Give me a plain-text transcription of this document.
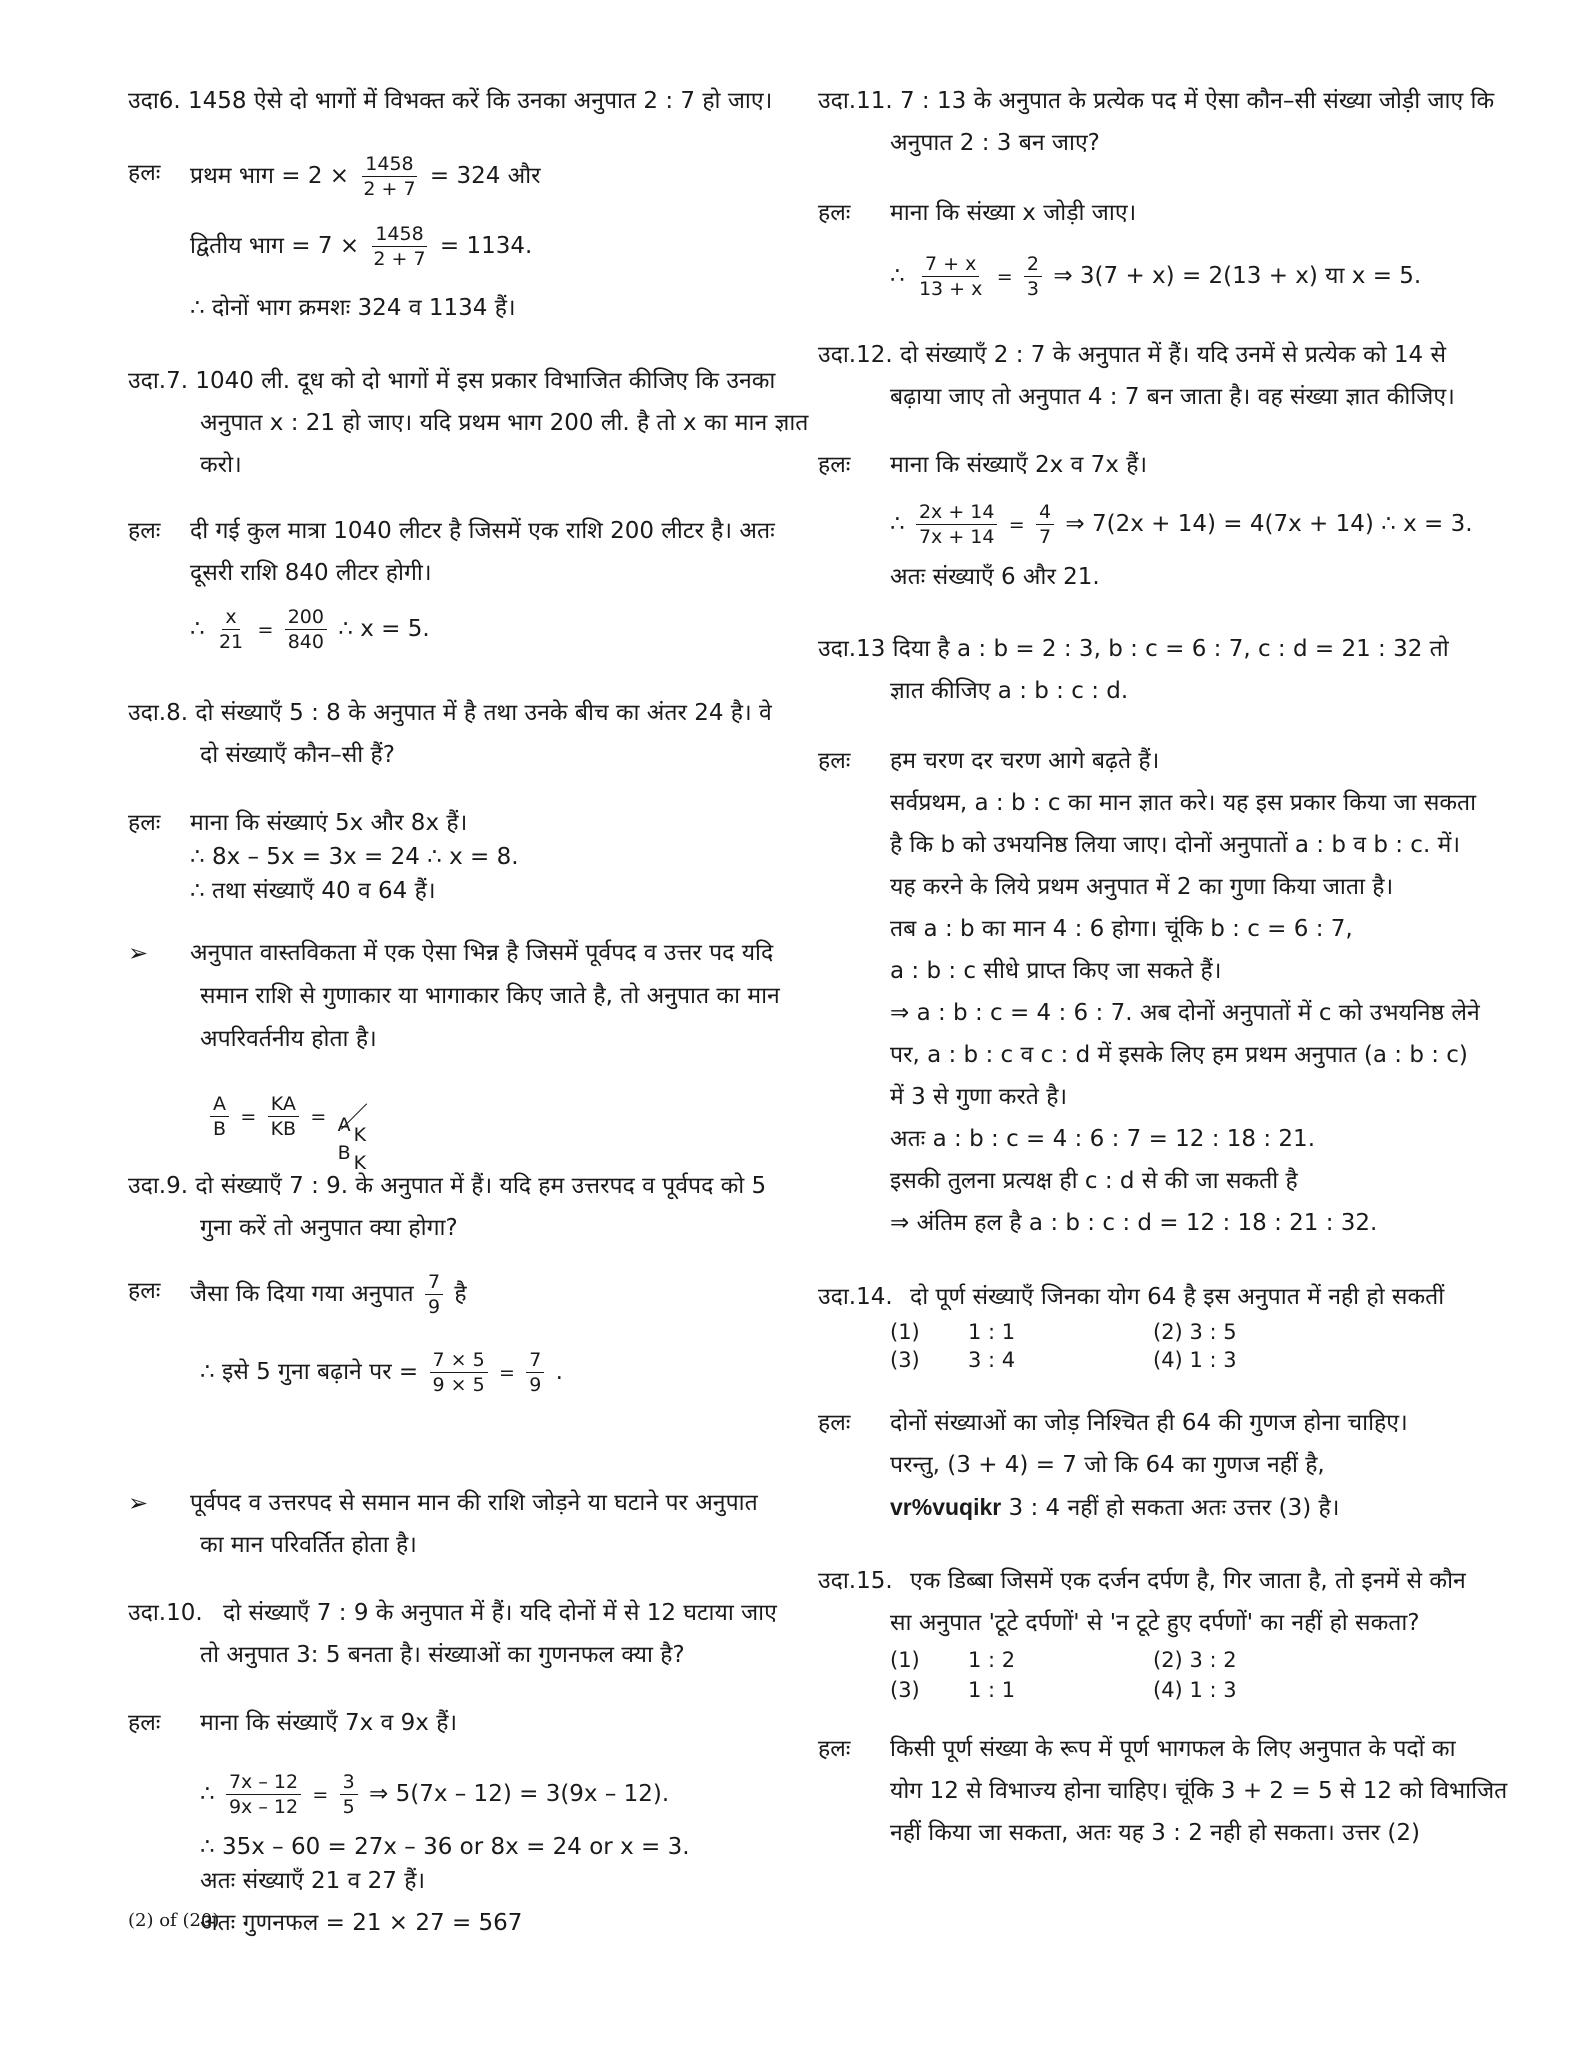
उदा6. 1458 ऐसे दो भागों में विभक्त करें कि उनका अनुपात 2 : 7 हो जाए।
हलः प्रथम भाग = $2 \times \frac{1458}{2 + 7} = 324$ और
द्वितीय भाग = $7 \times \frac{1458}{2 + 7} = 1134$.
∴ दोनों भाग क्रमशः 324 व 1134 हैं।
उदा.7. 1040 ली. दूध को दो भागों में इस प्रकार विभाजित कीजिए कि उनका
अनुपात x : 21 हो जाए। यदि प्रथम भाग 200 ली. है तो x का मान ज्ञात
करो।
हलः दी गई कुल मात्रा 1040 लीटर है जिसमें एक राशि 200 लीटर है। अतः
दूसरी राशि 840 लीटर होगी।
∴ $\frac{x}{21} = \frac{200}{840}$ ∴ x = 5.
उदा.8. दो संख्याएँ 5 : 8 के अनुपात में है तथा उनके बीच का अंतर 24 है। वे
दो संख्याएँ कौन–सी हैं?
हलः माना कि संख्याएं 5x और 8x हैं।
∴ 8x – 5x = 3x = 24 ∴ x = 8.
∴ तथा संख्याएँ 40 व 64 हैं।
➢ अनुपात वास्तविकता में एक ऐसा भिन्न है जिसमें पूर्वपद व उत्तर पद यदि
समान राशि से गुणाकार या भागाकार किए जाते है, तो अनुपात का मान
अपरिवर्तनीय होता है।
$\frac{A}{B} = \frac{KA}{KB} = A$ K
B K
उदा.9. दो संख्याएँ 7 : 9. के अनुपात में हैं। यदि हम उत्तरपद व पूर्वपद को 5
गुना करें तो अनुपात क्या होगा?
हलः जैसा कि दिया गया अनुपात $\frac{7}{9}$ है
∴ इसे 5 गुना बढ़ाने पर = $\frac{7 \times 5}{9 \times 5} = \frac{7}{9}$ .
➢ पूर्वपद व उत्तरपद से समान मान की राशि जोड़ने या घटाने पर अनुपात
का मान परिवर्तित होता है।
उदा.10. दो संख्याएँ 7 : 9 के अनुपात में हैं। यदि दोनों में से 12 घटाया जाए
तो अनुपात 3: 5 बनता है। संख्याओं का गुणनफल क्या है?
हलः माना कि संख्याएँ 7x व 9x हैं।
∴ $\frac{7x - 12}{9x - 12} = \frac{3}{5}$ ⇒ 5(7x – 12) = 3(9x – 12).
∴ 35x – 60 = 27x – 36 or 8x = 24 or x = 3.
अतः संख्याएँ 21 व 27 हैं।
अतः गुणनफल = 21 × 27 = 567
उदा.11. 7 : 13 के अनुपात के प्रत्येक पद में ऐसा कौन–सी संख्या जोड़ी जाए कि
अनुपात 2 : 3 बन जाए?
हलः माना कि संख्या x जोड़ी जाए।
∴ $\frac{7 + x}{13 + x} = \frac{2}{3}$ ⇒ 3(7 + x) = 2(13 + x) या x = 5.
उदा.12. दो संख्याएँ 2 : 7 के अनुपात में हैं। यदि उनमें से प्रत्येक को 14 से
बढ़ाया जाए तो अनुपात 4 : 7 बन जाता है। वह संख्या ज्ञात कीजिए।
हलः माना कि संख्याएँ 2x व 7x हैं।
∴ $\frac{2x + 14}{7x + 14} = \frac{4}{7}$ ⇒ 7(2x + 14) = 4(7x + 14) ∴ x = 3.
अतः संख्याएँ 6 और 21.
उदा.13 दिया है a : b = 2 : 3, b : c = 6 : 7, c : d = 21 : 32 तो
ज्ञात कीजिए a : b : c : d.
हलः हम चरण दर चरण आगे बढ़ते हैं।
सर्वप्रथम, a : b : c का मान ज्ञात करे। यह इस प्रकार किया जा सकता
है कि b को उभयनिष्ठ लिया जाए। दोनों अनुपातों a : b व b : c. में।
यह करने के लिये प्रथम अनुपात में 2 का गुणा किया जाता है।
तब a : b का मान 4 : 6 होगा। चूंकि b : c = 6 : 7,
a : b : c सीधे प्राप्त किए जा सकते हैं।
⇒ a : b : c = 4 : 6 : 7. अब दोनों अनुपातों में c को उभयनिष्ठ लेने
पर, a : b : c व c : d में इसके लिए हम प्रथम अनुपात (a : b : c)
में 3 से गुणा करते है।
अतः a : b : c = 4 : 6 : 7 = 12 : 18 : 21.
इसकी तुलना प्रत्यक्ष ही c : d से की जा सकती है
⇒ अंतिम हल है a : b : c : d = 12 : 18 : 21 : 32.
उदा.14. दो पूर्ण संख्याएँ जिनका योग 64 है इस अनुपात में नही हो सकतीं
(1) 1 : 1	(2) 3 : 5
(3) 3 : 4	(4) 1 : 3
हलः दोनों संख्याओं का जोड़ निश्चित ही 64 की गुणज होना चाहिए।
परन्तु, (3 + 4) = 7 जो कि 64 का गुणज नहीं है,
vr%vuqikr 3 : 4 नहीं हो सकता अतः उत्तर (3) है।
उदा.15. एक डिब्बा जिसमें एक दर्जन दर्पण है, गिर जाता है, तो इनमें से कौन
सा अनुपात 'टूटे दर्पणों' से 'न टूटे हुए दर्पणों' का नहीं हो सकता?
(1) 1 : 2	(2) 3 : 2
(3) 1 : 1	(4) 1 : 3
हलः किसी पूर्ण संख्या के रूप में पूर्ण भागफल के लिए अनुपात के पदों का
योग 12 से विभाज्य होना चाहिए। चूंकि 3 + 2 = 5 से 12 को विभाजित
नहीं किया जा सकता, अतः यह 3 : 2 नही हो सकता। उत्तर (2)
(2) of (20)
